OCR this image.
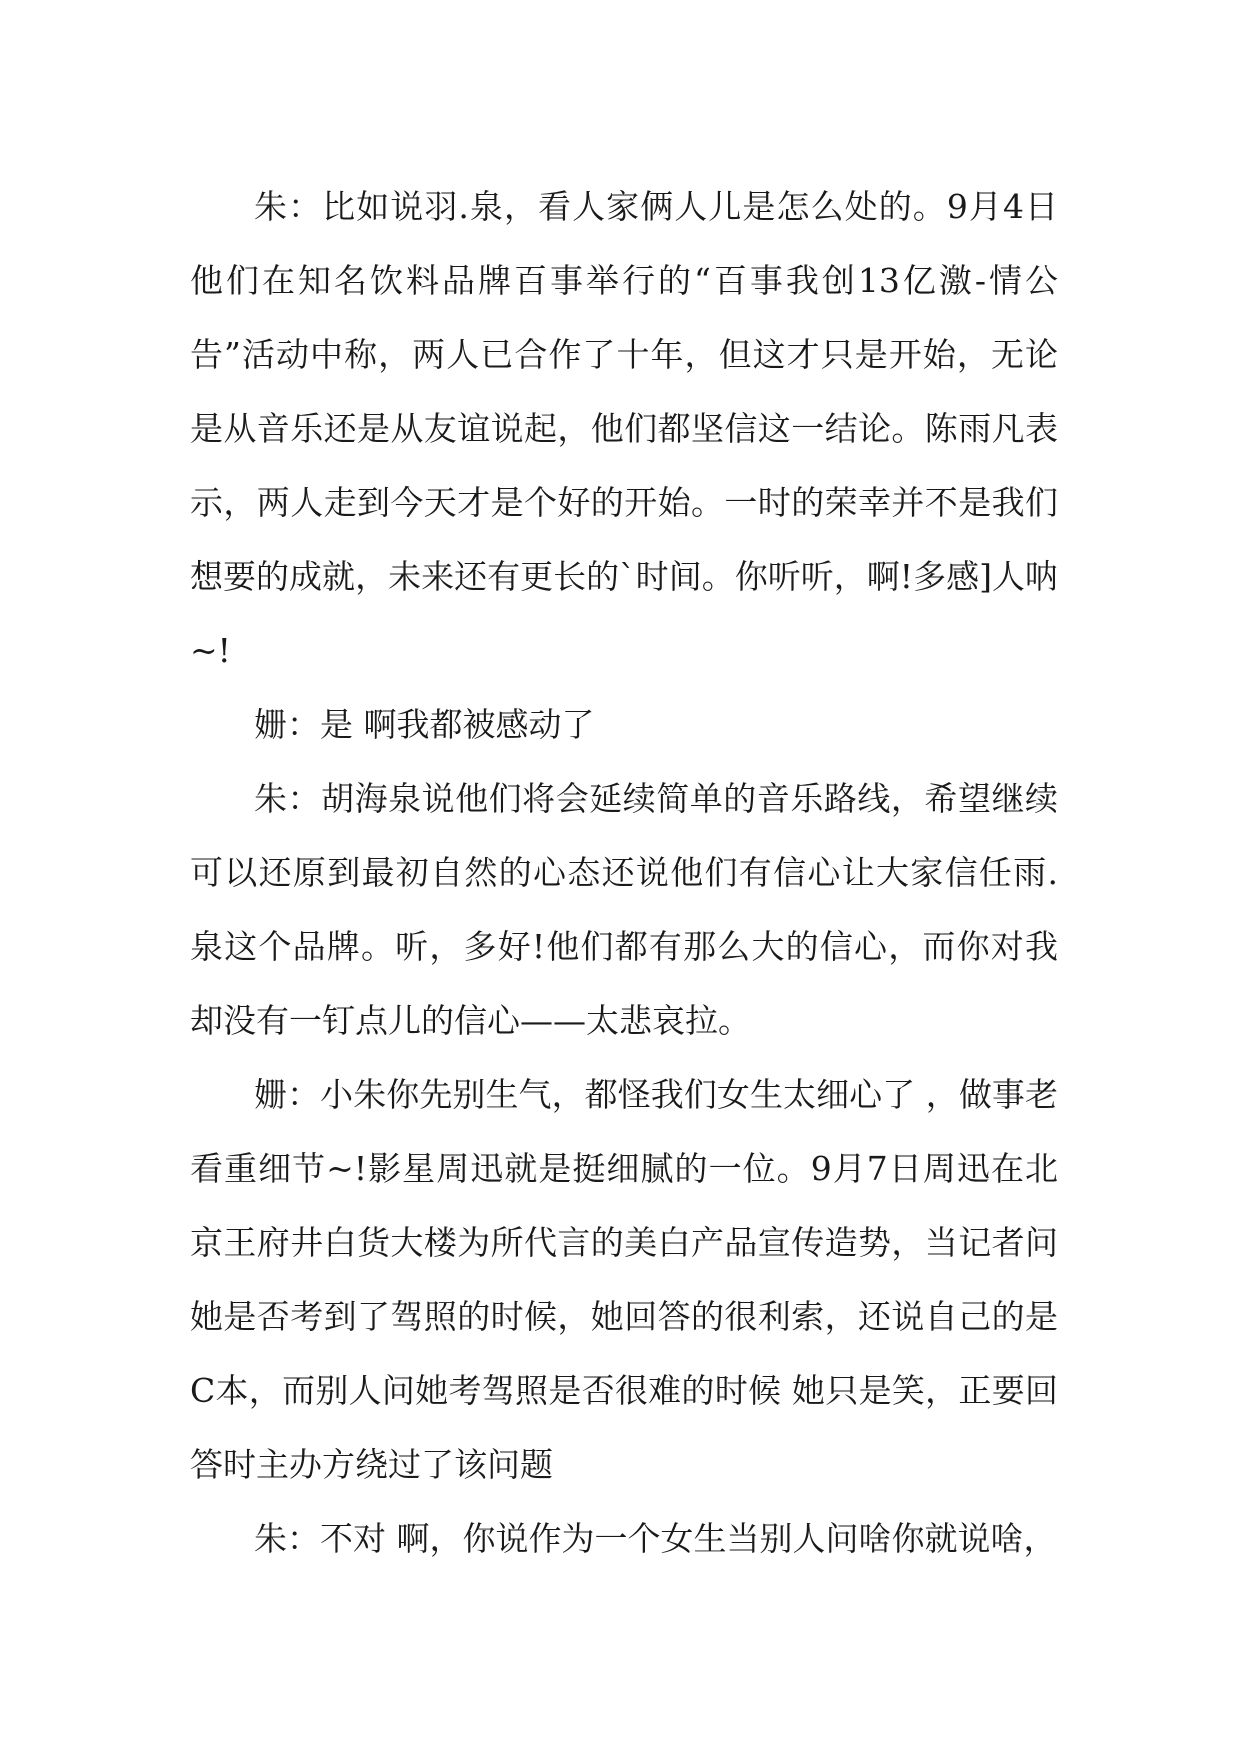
朱：比如说羽.泉，看人家俩人儿是怎么处的。9月4日他们在知名饮料品牌百事举行的“百事我创13亿激-情公告”活动中称，两人已合作了十年，但这才只是开始，无论是从音乐还是从友谊说起，他们都坚信这一结论。陈雨凡表示，两人走到今天才是个好的开始。一时的荣幸并不是我们想要的成就，未来还有更长的`时间。你听听，啊!多感]人呐~!

姗：是 啊我都被感动了

朱：胡海泉说他们将会延续简单的音乐路线，希望继续可以还原到最初自然的心态还说他们有信心让大家信任雨.泉这个品牌。听，多好!他们都有那么大的信心，而你对我却没有一钉点儿的信心——太悲哀拉。

姗：小朱你先别生气，都怪我们女生太细心了 ，做事老看重细节~!影星周迅就是挺细腻的一位。9月7日周迅在北京王府井白货大楼为所代言的美白产品宣传造势，当记者问她是否考到了驾照的时候，她回答的很利索，还说自己的是C本，而别人问她考驾照是否很难的时候 她只是笑，正要回答时主办方绕过了该问题

朱：不对 啊，你说作为一个女生当别人问啥你就说啥，
